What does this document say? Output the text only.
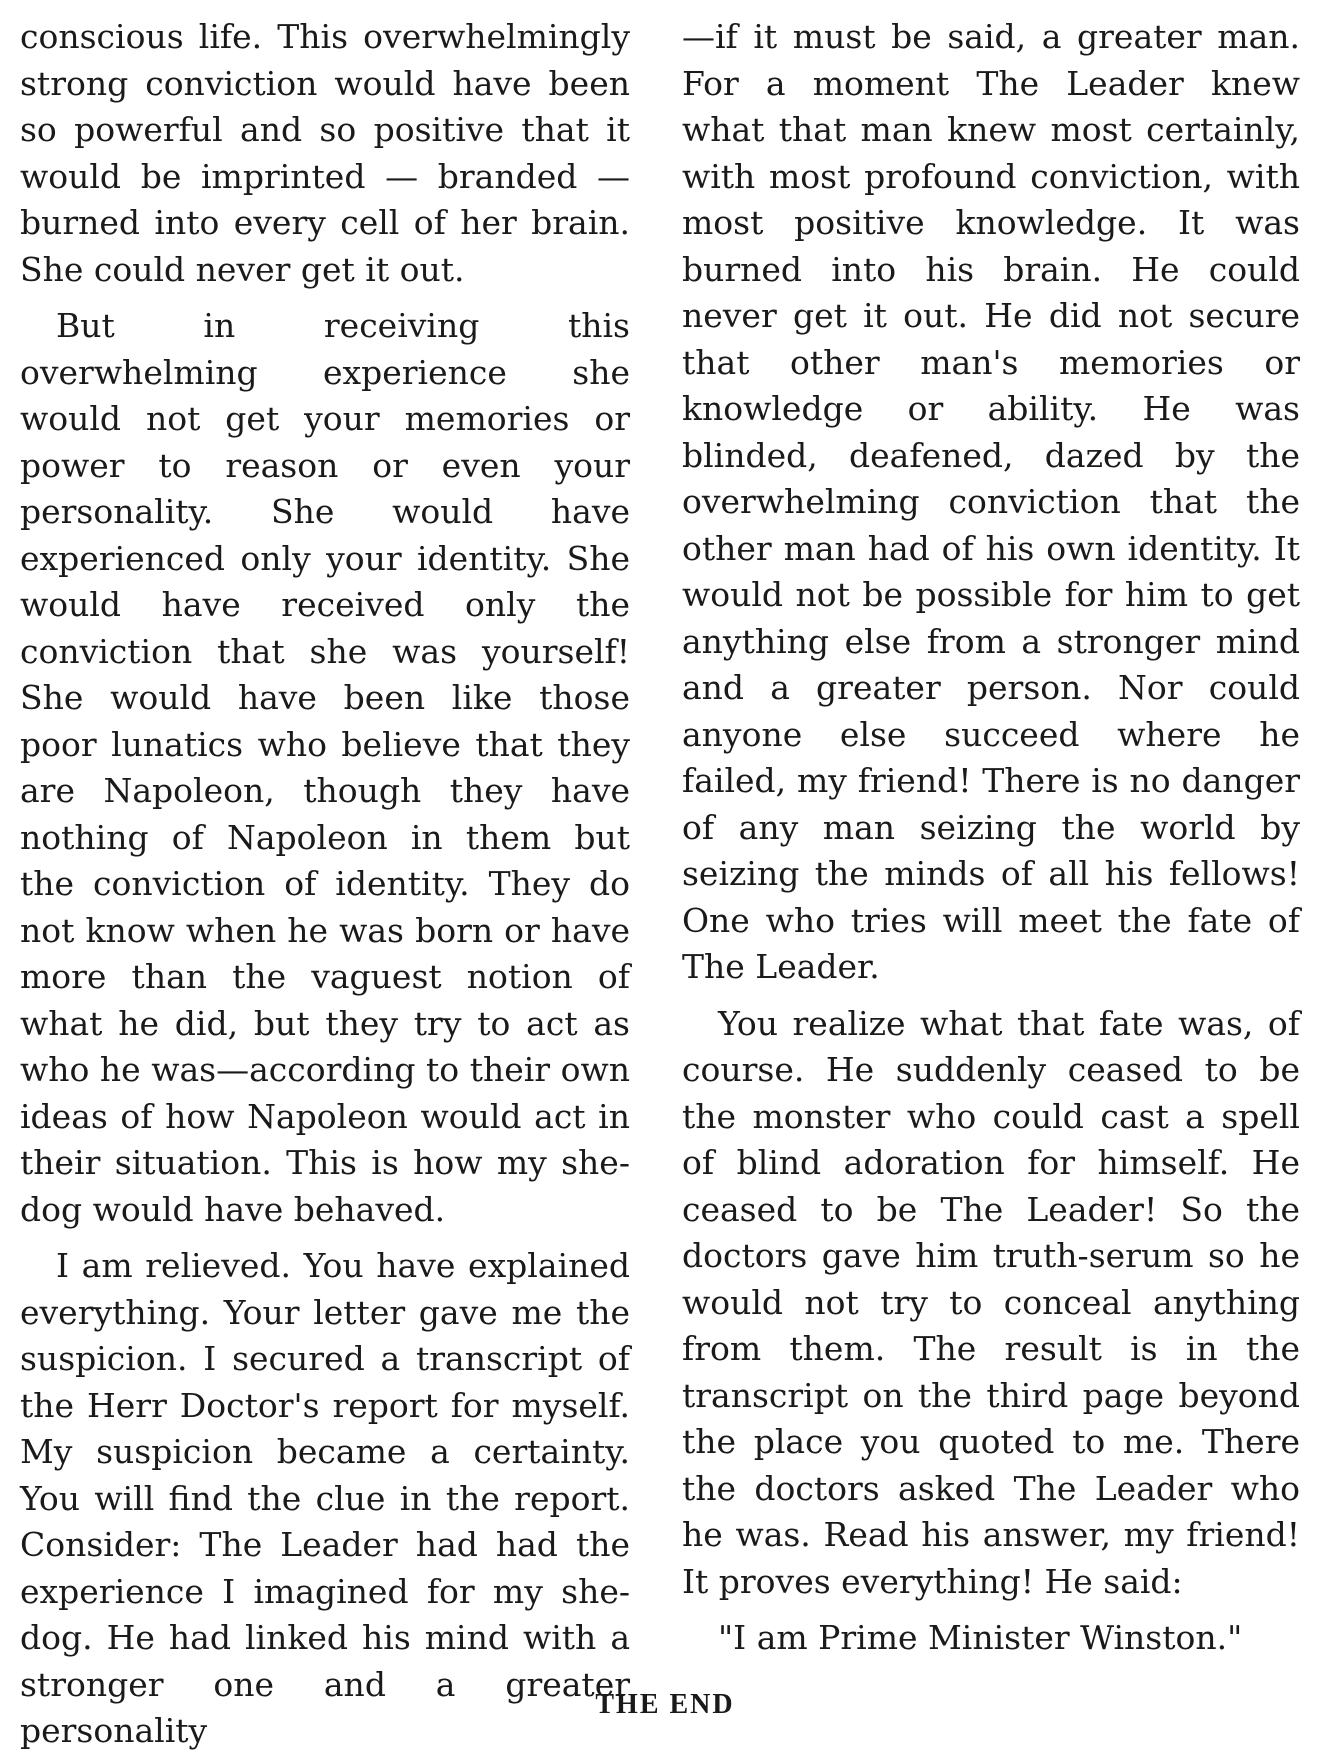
conscious life. This overwhelmingly strong conviction would have been so powerful and so positive that it would be imprinted — branded — burned into every cell of her brain. She could never get it out.

But in receiving this overwhelming experience she would not get your memories or power to reason or even your personality. She would have experienced only your identity. She would have received only the conviction that she was yourself! She would have been like those poor lunatics who believe that they are Napoleon, though they have nothing of Napoleon in them but the conviction of identity. They do not know when he was born or have more than the vaguest notion of what he did, but they try to act as who he was—according to their own ideas of how Napoleon would act in their situation. This is how my she-dog would have behaved.

I am relieved. You have explained everything. Your letter gave me the suspicion. I secured a transcript of the Herr Doctor's report for myself. My suspicion became a certainty. You will find the clue in the report. Consider: The Leader had had the experience I imagined for my she-dog. He had linked his mind with a stronger one and a greater personality

—if it must be said, a greater man. For a moment The Leader knew what that man knew most certainly, with most profound conviction, with most positive knowledge. It was burned into his brain. He could never get it out. He did not secure that other man's memories or knowledge or ability. He was blinded, deafened, dazed by the overwhelming conviction that the other man had of his own identity. It would not be possible for him to get anything else from a stronger mind and a greater person. Nor could anyone else succeed where he failed, my friend! There is no danger of any man seizing the world by seizing the minds of all his fellows! One who tries will meet the fate of The Leader.

You realize what that fate was, of course. He suddenly ceased to be the monster who could cast a spell of blind adoration for himself. He ceased to be The Leader! So the doctors gave him truth-serum so he would not try to conceal anything from them. The result is in the transcript on the third page beyond the place you quoted to me. There the doctors asked The Leader who he was. Read his answer, my friend! It proves everything! He said:

"I am Prime Minister Winston."

THE END
